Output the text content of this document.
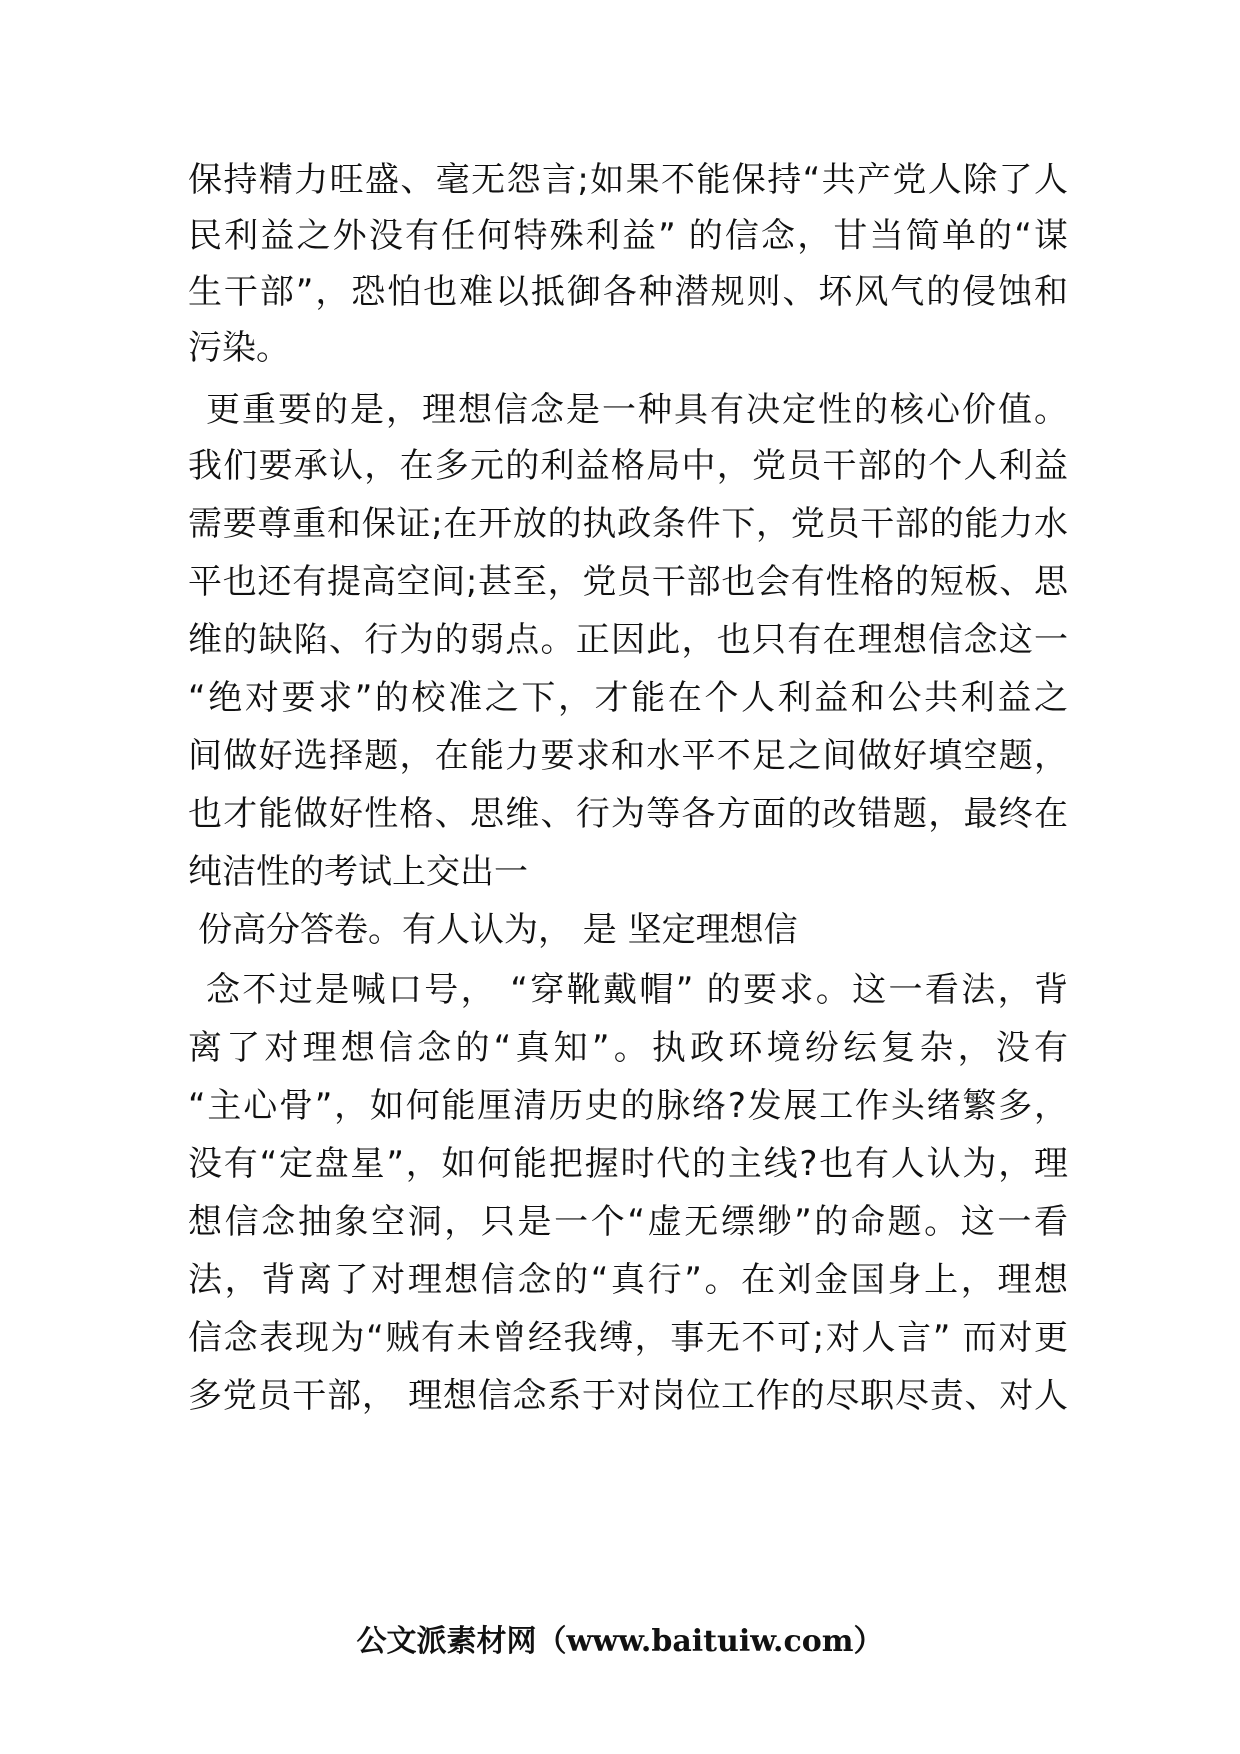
保持精力旺盛、毫无怨言;如果不能保持“共产党人除了人
民利益之外没有任何特殊利益” 的信念，甘当简单的“谋
生干部”，恐怕也难以抵御各种潜规则、坏风气的侵蚀和
污染。
更重要的是，理想信念是一种具有决定性的核心价值。
我们要承认，在多元的利益格局中，党员干部的个人利益
需要尊重和保证;在开放的执政条件下，党员干部的能力水
平也还有提高空间;甚至，党员干部也会有性格的短板、思
维的缺陷、行为的弱点。正因此，也只有在理想信念这一
“绝对要求”的校准之下，才能在个人利益和公共利益之
间做好选择题，在能力要求和水平不足之间做好填空题，
也才能做好性格、思维、行为等各方面的改错题，最终在
纯洁性的考试上交出一
份高分答卷。有人认为， 是 坚定理想信
念不过是喊口号， “穿靴戴帽” 的要求。这一看法，背
离了对理想信念的“真知”。执政环境纷纭复杂，没有
“主心骨”，如何能厘清历史的脉络?发展工作头绪繁多，
没有“定盘星”，如何能把握时代的主线?也有人认为，理
想信念抽象空洞，只是一个“虚无缥缈”的命题。这一看
法，背离了对理想信念的“真行”。在刘金国身上，理想
信念表现为“贼有未曾经我缚，事无不可;对人言” 而对更
多党员干部， 理想信念系于对岗位工作的尽职尽责、对人
公文派素材网（www.baituiw.com）
